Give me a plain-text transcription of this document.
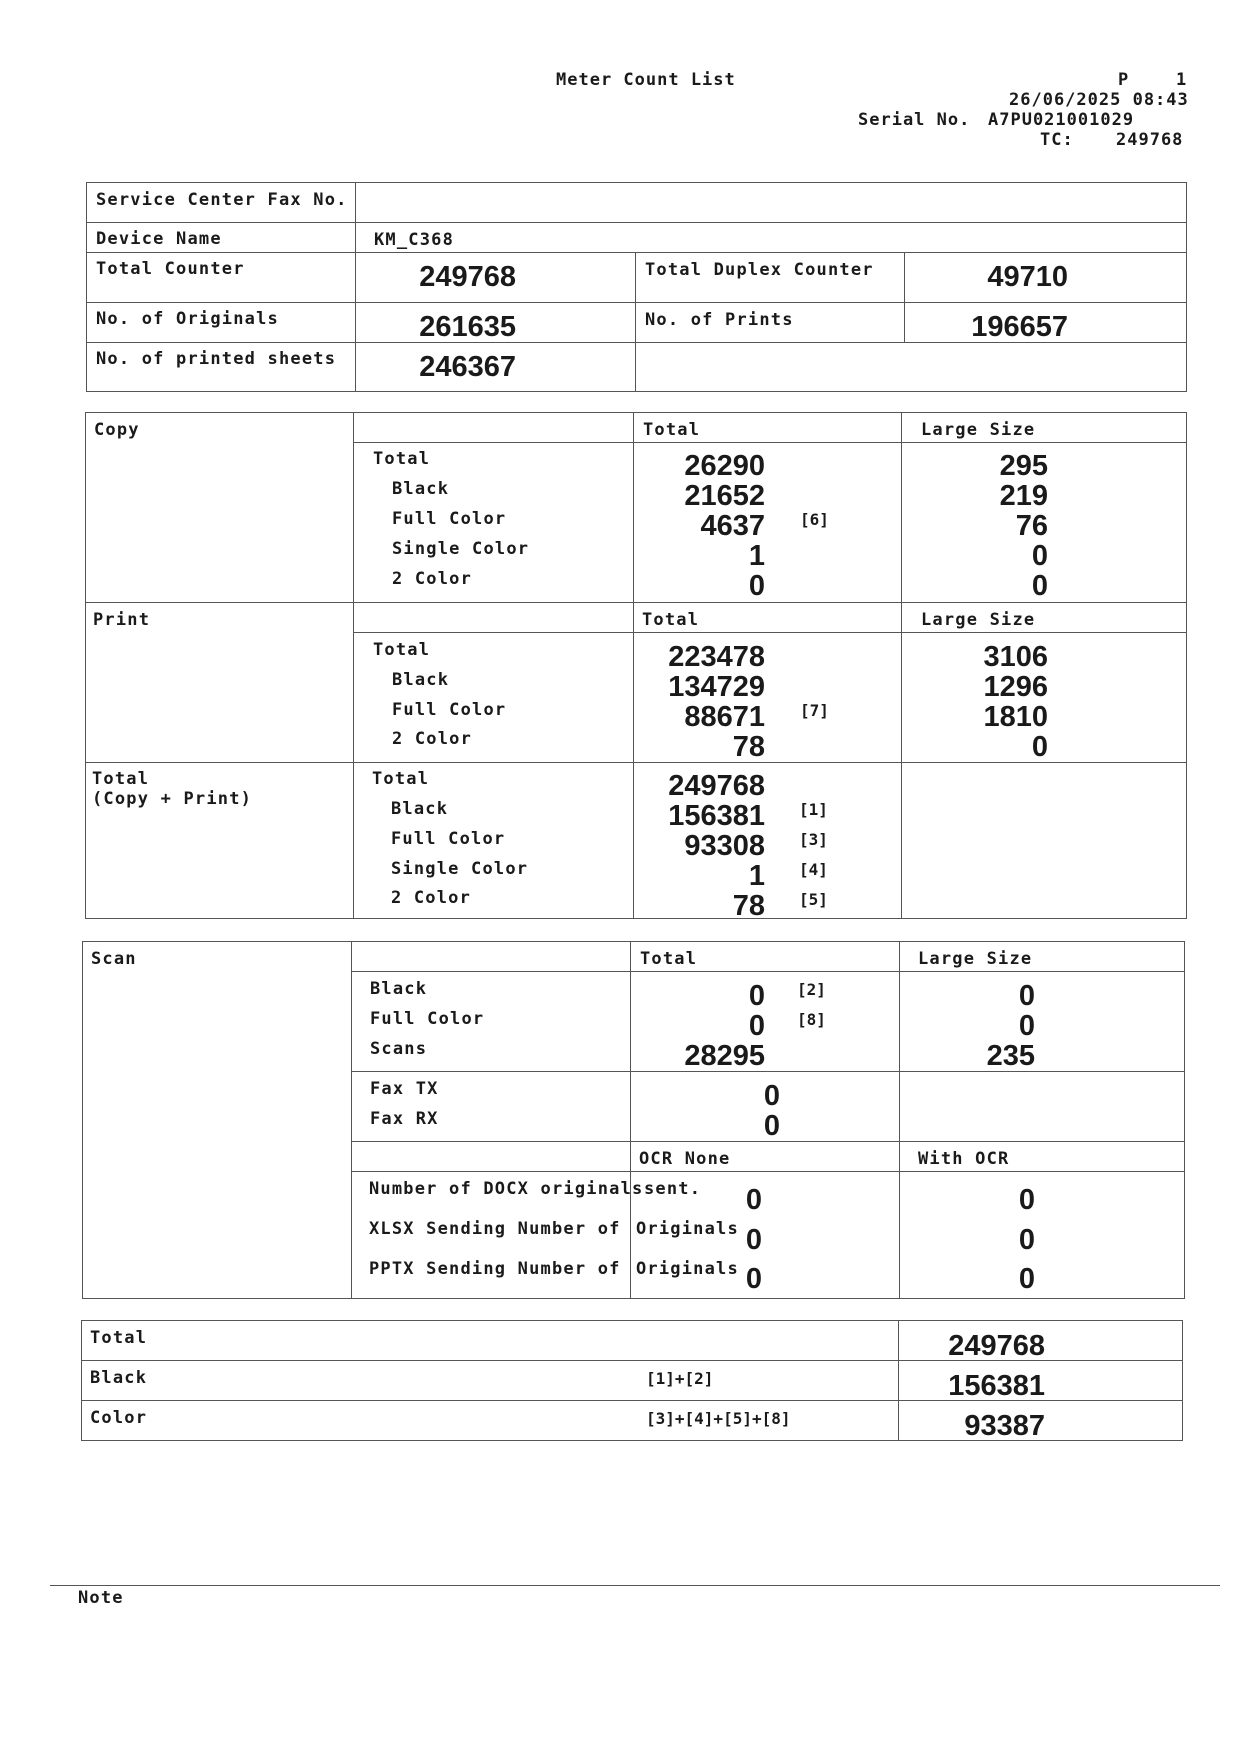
Meter Count List	P	1
26/06/2025 08:43
Serial No. A7PU021001029
TC: 249768
Service Center Fax No.
Device Name	KM_C368
Total Counter	249768	Total Duplex Counter	49710
No. of Originals	261635	No. of Prints	196657
No. of printed sheets	246367
Copy	Total	Large Size
Total	26290	295
Black	21652	219
Full Color	4637 [6]	76
Single Color	1	0
2 Color	0	0
Print	Total	Large Size
Total	223478	3106
Black	134729	1296
Full Color	88671 [7]	1810
2 Color	78	0
Total
(Copy + Print)
Total	249768
Black	156381 [1]
Full Color	93308 [3]
Single Color	1 [4]
2 Color	78 [5]
Scan	Total	Large Size
Black	0 [2]	0
Full Color	0 [8]	0
Scans	28295	235
Fax TX	0
Fax RX	0
OCR None	With OCR
Number of DOCX originals sent.	0	0
XLSX Sending Number of Originals 0	0
PPTX Sending Number of Originals 0	0
Total	249768
Black	[1]+[2]	156381
Color	[3]+[4]+[5]+[8]	93387
Note
